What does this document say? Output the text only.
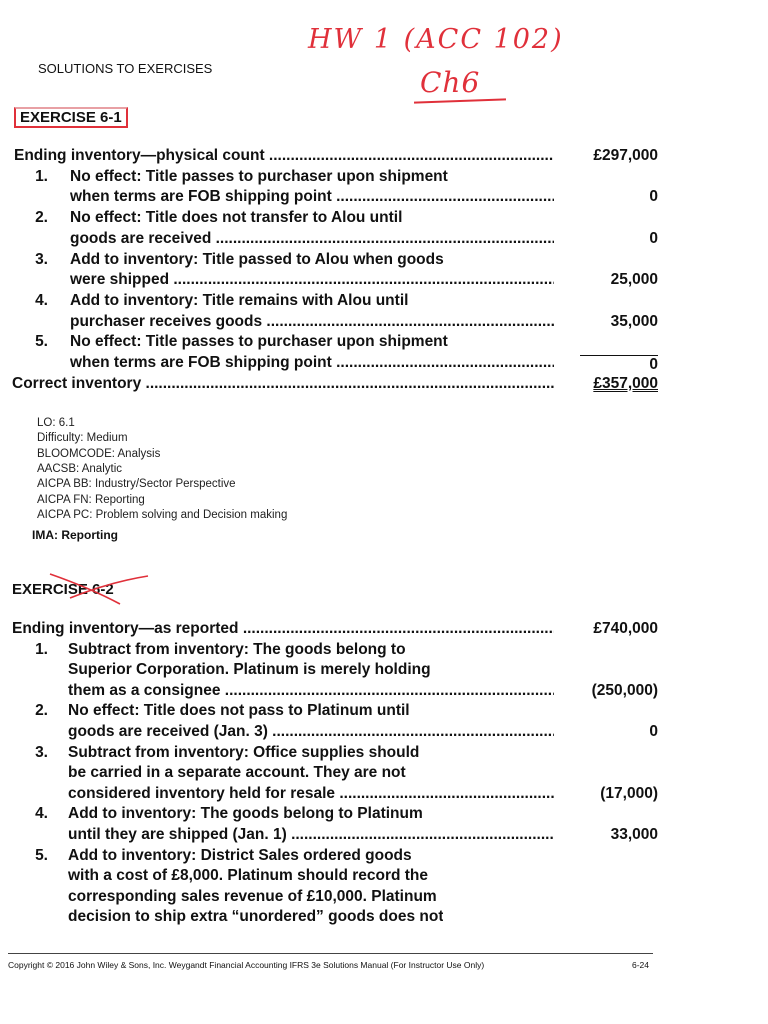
HW 1 (ACC 102)
Ch6
SOLUTIONS TO EXERCISES
EXERCISE 6-1
Ending inventory—physical count .....	£297,000
1. No effect: Title passes to purchaser upon shipment
when terms are FOB shipping point .....	0
2. No effect: Title does not transfer to Alou until
goods are received .....	0
3. Add to inventory: Title passed to Alou when goods
were shipped .....	25,000
4. Add to inventory: Title remains with Alou until
purchaser receives goods .....	35,000
5. No effect: Title passes to purchaser upon shipment
when terms are FOB shipping point .....	0
Correct inventory .....	£357,000
LO: 6.1
Difficulty: Medium
BLOOMCODE: Analysis
AACSB: Analytic
AICPA BB: Industry/Sector Perspective
AICPA FN: Reporting
AICPA PC: Problem solving and Decision making
IMA: Reporting
EXERCISE 6-2
Ending inventory—as reported .....	£740,000
1. Subtract from inventory: The goods belong to
Superior Corporation. Platinum is merely holding
them as a consignee .....	(250,000)
2. No effect: Title does not pass to Platinum until
goods are received (Jan. 3) .....	0
3. Subtract from inventory: Office supplies should
be carried in a separate account. They are not
considered inventory held for resale .....	(17,000)
4. Add to inventory: The goods belong to Platinum
until they are shipped (Jan. 1) .....	33,000
5. Add to inventory: District Sales ordered goods
with a cost of £8,000. Platinum should record the
corresponding sales revenue of £10,000. Platinum
decision to ship extra “unordered” goods does not
Copyright © 2016 John Wiley & Sons, Inc. Weygandt Financial Accounting IFRS 3e Solutions Manual (For Instructor Use Only)	6-24
